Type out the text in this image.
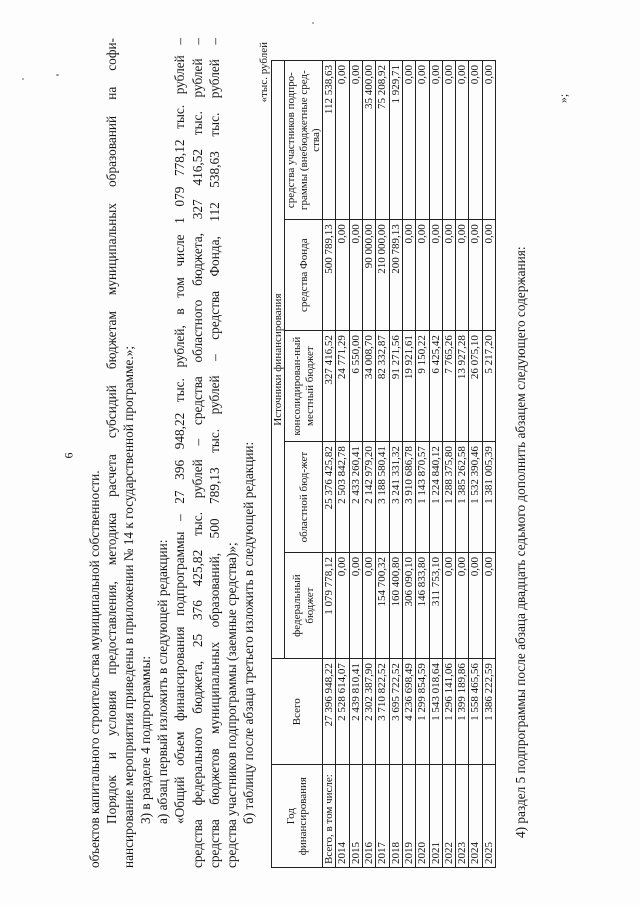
6

объектов капитального строительства муниципальной собственности. Порядок и условия предоставления, методика расчета субсидий бюджетам муниципальных образований на софи- нансирование мероприятия приведены в приложении № 14 к государственной программе.»; 3) в разделе 4 подпрограммы: а) абзац первый изложить в следующей редакции: «Общий объем финансирования подпрограммы – 27 396 948,22 тыс. рублей, в том числе 1 079 778,12 тыс. рублей – средства федерального бюджета, 25 376 425,82 тыс. рублей – средства областного бюджета, 327 416,52 тыс. рублей – средства бюджетов муниципальных образований, 500 789,13 тыс. рублей – средства Фонда, 112 538,63 тыс. рублей – средства участников подпрограммы (заемные средства)»; б) таблицу после абзаца третьего изложить в следующей редакции:

«тыс. рублей

Год финансирования	Всего	Источники финансирования				
		федеральный бюджет	областной бюд-жет	консолидирован-ный местный бюджет	средства Фонда	средства участников подпро-граммы (внебюджетные сред-ства)
Всего, в том числе:	27 396 948,22	1 079 778,12	25 376 425,82	327 416,52	500 789,13	112 538,63
2014	2 528 614,07	0,00	2 503 842,78	24 771,29	0,00	0,00
2015	2 439 810,41	0,00	2 433 260,41	6 550,00	0,00	0,00
2016	2 302 387,90	0,00	2 142 979,20	34 008,70	90 000,00	35 400,00
2017	3 710 822,52	154 700,32	3 188 580,41	82 332,87	210 000,00	75 208,92
2018	3 695 722,52	160 400,80	3 241 331,32	91 271,56	200 789,13	1 929,71
2019	4 236 698,49	306 090,10	3 910 686,78	19 921,61	0,00	0,00
2020	1 299 854,59	146 833,80	1 143 870,57	9 150,22	0,00	0,00
2021	1 543 018,64	311 753,10	1 224 840,12	6 425,42	0,00	0,00
2022	1 296 141,06	0,00	1 288 375,80	7 765,26	0,00	0,00
2023	1 399 189,86	0,00	1 385 262,58	13 927,28	0,00	0,00
2024	1 558 465,56	0,00	1 532 390,46	26 075,10	0,00	0,00
2025	1 386 222,59	0,00	1 381 005,39	5 217,20	0,00	0,00

4) раздел 5 подпрограммы после абзаца двадцать седьмого дополнить абзацем следующего содержания:

»;
